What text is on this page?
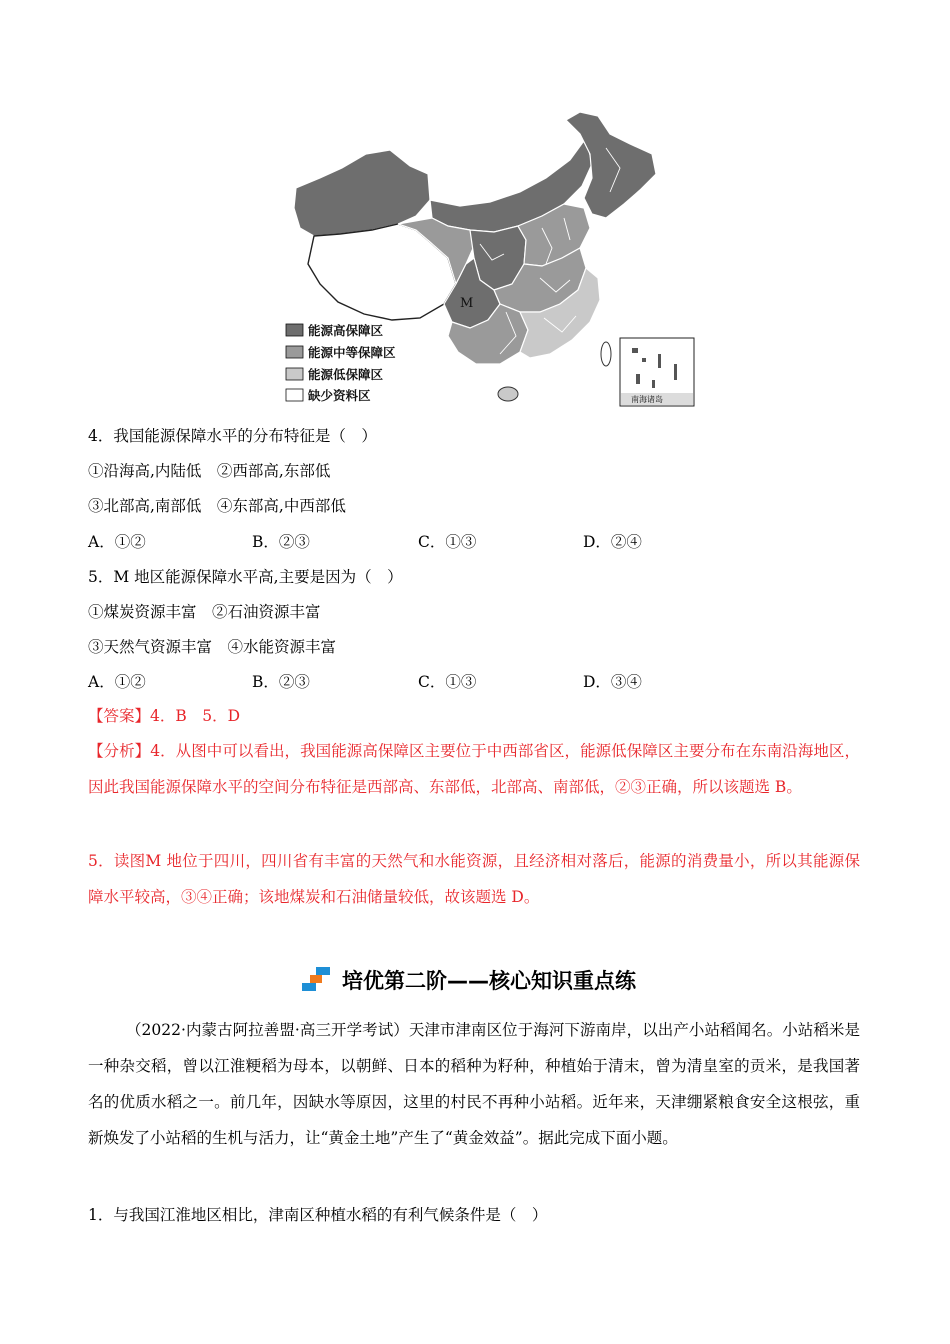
M
南海诸岛
能源高保障区
能源中等保障区
能源低保障区
缺少资料区
4．我国能源保障水平的分布特征是（　）
①沿海高,内陆低　②西部高,东部低
③北部高,南部低　④东部高,中西部低
A．①②	B．②③	C．①③	D．②④
5．M 地区能源保障水平高,主要是因为（　）
①煤炭资源丰富　②石油资源丰富
③天然气资源丰富　④水能资源丰富
A．①②	B．②③	C．①③	D．③④
【答案】4．B　5．D
【分析】4．从图中可以看出，我国能源高保障区主要位于中西部省区，能源低保障区主要分布在东南沿海地区，因此我国能源保障水平的空间分布特征是西部高、东部低，北部高、南部低，②③正确，所以该题选 B。
5．读图M 地位于四川，四川省有丰富的天然气和水能资源，且经济相对落后，能源的消费量小，所以其能源保障水平较高，③④正确；该地煤炭和石油储量较低，故该题选 D。
培优第二阶——核心知识重点练
（2022·内蒙古阿拉善盟·高三开学考试）天津市津南区位于海河下游南岸，以出产小站稻闻名。小站稻米是一种杂交稻，曾以江淮粳稻为母本，以朝鲜、日本的稻种为籽种，种植始于清末，曾为清皇室的贡米，是我国著名的优质水稻之一。前几年，因缺水等原因，这里的村民不再种小站稻。近年来，天津绷紧粮食安全这根弦，重新焕发了小站稻的生机与活力，让“黄金土地”产生了“黄金效益”。据此完成下面小题。
1．与我国江淮地区相比，津南区种植水稻的有利气候条件是（　）
